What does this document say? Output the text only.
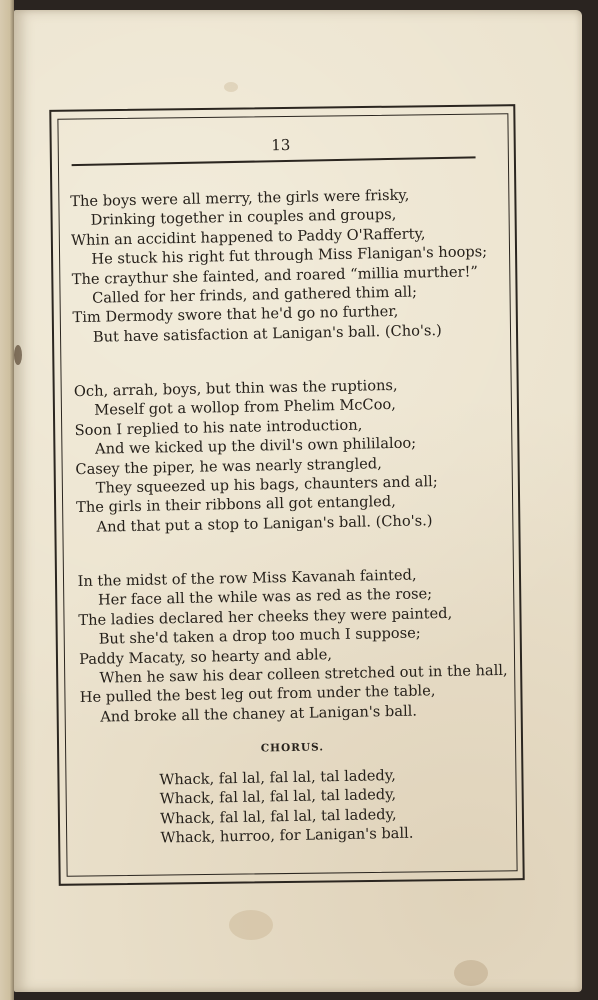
13
The boys were all merry, the girls were frisky,
Drinking together in couples and groups,
Whin an accidint happened to Paddy O'Rafferty,
He stuck his right fut through Miss Flanigan's hoops;
The craythur she fainted, and roared “millia murther!”
Called for her frinds, and gathered thim all;
Tim Dermody swore that he'd go no further,
But have satisfaction at Lanigan's ball. (Cho's.)
Och, arrah, boys, but thin was the ruptions,
Meself got a wollop from Phelim McCoo,
Soon I replied to his nate introduction,
And we kicked up the divil's own phililaloo;
Casey the piper, he was nearly strangled,
They squeezed up his bags, chaunters and all;
The girls in their ribbons all got entangled,
And that put a stop to Lanigan's ball. (Cho's.)
In the midst of the row Miss Kavanah fainted,
Her face all the while was as red as the rose;
The ladies declared her cheeks they were painted,
But she'd taken a drop too much I suppose;
Paddy Macaty, so hearty and able,
When he saw his dear colleen stretched out in the hall,
He pulled the best leg out from under the table,
And broke all the chaney at Lanigan's ball.
CHORUS.
Whack, fal lal, fal lal, tal ladedy,
Whack, fal lal, fal lal, tal ladedy,
Whack, fal lal, fal lal, tal ladedy,
Whack, hurroo, for Lanigan's ball.
